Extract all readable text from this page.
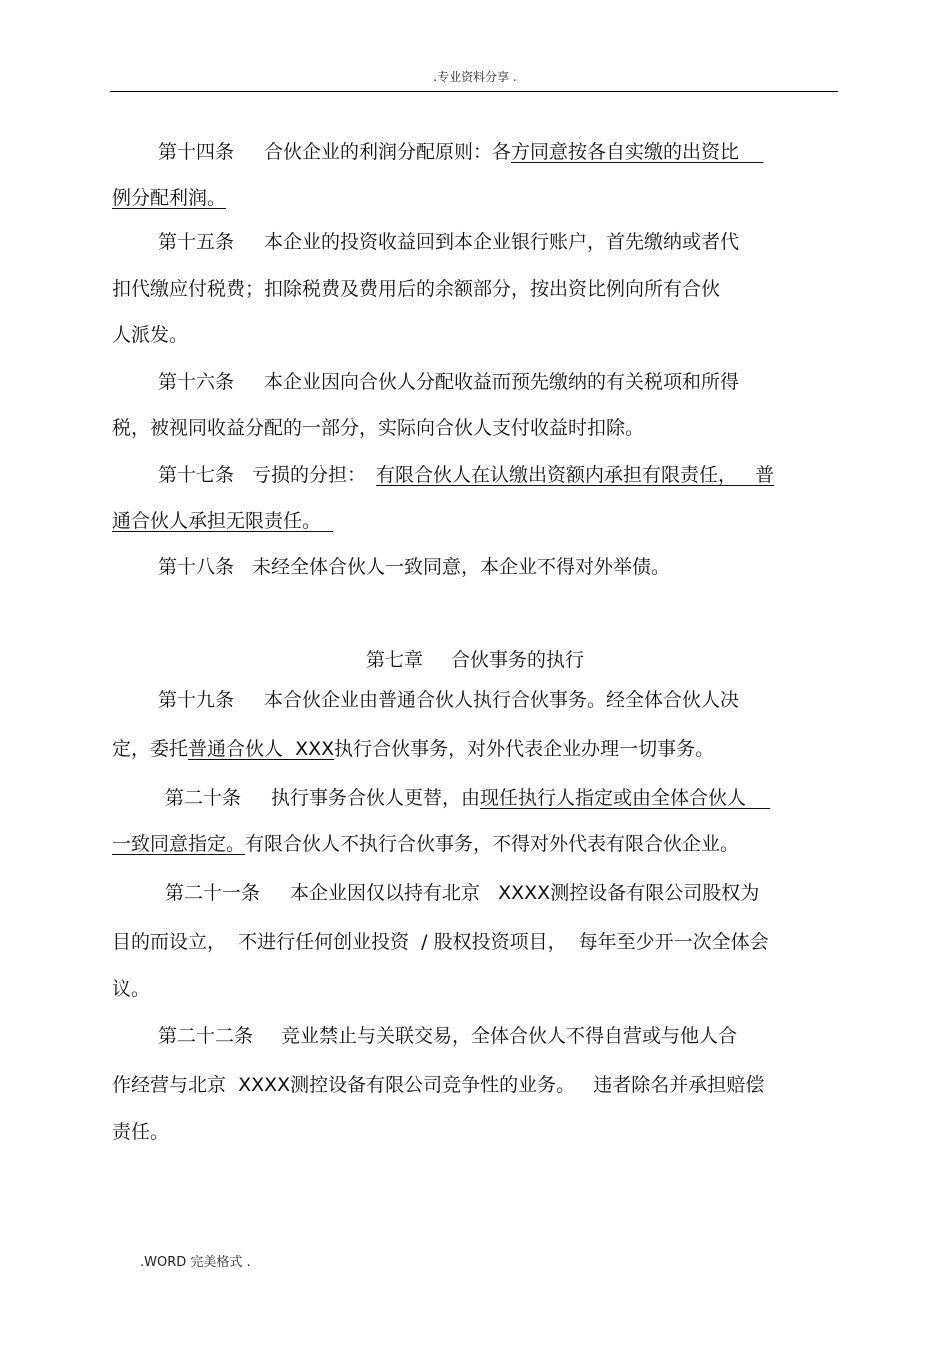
.专业资料分享 .
第十四条 合伙企业的利润分配原则：各方同意按各自实缴的出资比
例分配利润。
第十五条 本企业的投资收益回到本企业银行账户，首先缴纳或者代
扣代缴应付税费；扣除税费及费用后的余额部分，按出资比例向所有合伙
人派发。
第十六条 本企业因向合伙人分配收益而预先缴纳的有关税项和所得
税，被视同收益分配的一部分，实际向合伙人支付收益时扣除。
第十七条 亏损的分担： 有限合伙人在认缴出资额内承担有限责任，   普
通合伙人承担无限责任。
第十八条 未经全体合伙人一致同意，本企业不得对外举债。
第七章 合伙事务的执行
第十九条 本合伙企业由普通合伙人执行合伙事务。经全体合伙人决
定，委托普通合伙人  XXX执行合伙事务，对外代表企业办理一切事务。
第二十条 执行事务合伙人更替，由现任执行人指定或由全体合伙人
一致同意指定。有限合伙人不执行合伙事务，不得对外代表有限合伙企业。
第二十一条 本企业因仅以持有北京   XXXX测控设备有限公司股权为
目的而设立，  不进行任何创业投资  / 股权投资项目，  每年至少开一次全体会
议。
第二十二条 竞业禁止与关联交易，全体合伙人不得自营或与他人合
作经营与北京  XXXX测控设备有限公司竞争性的业务。   违者除名并承担赔偿
责任。
.WORD 完美格式 .
